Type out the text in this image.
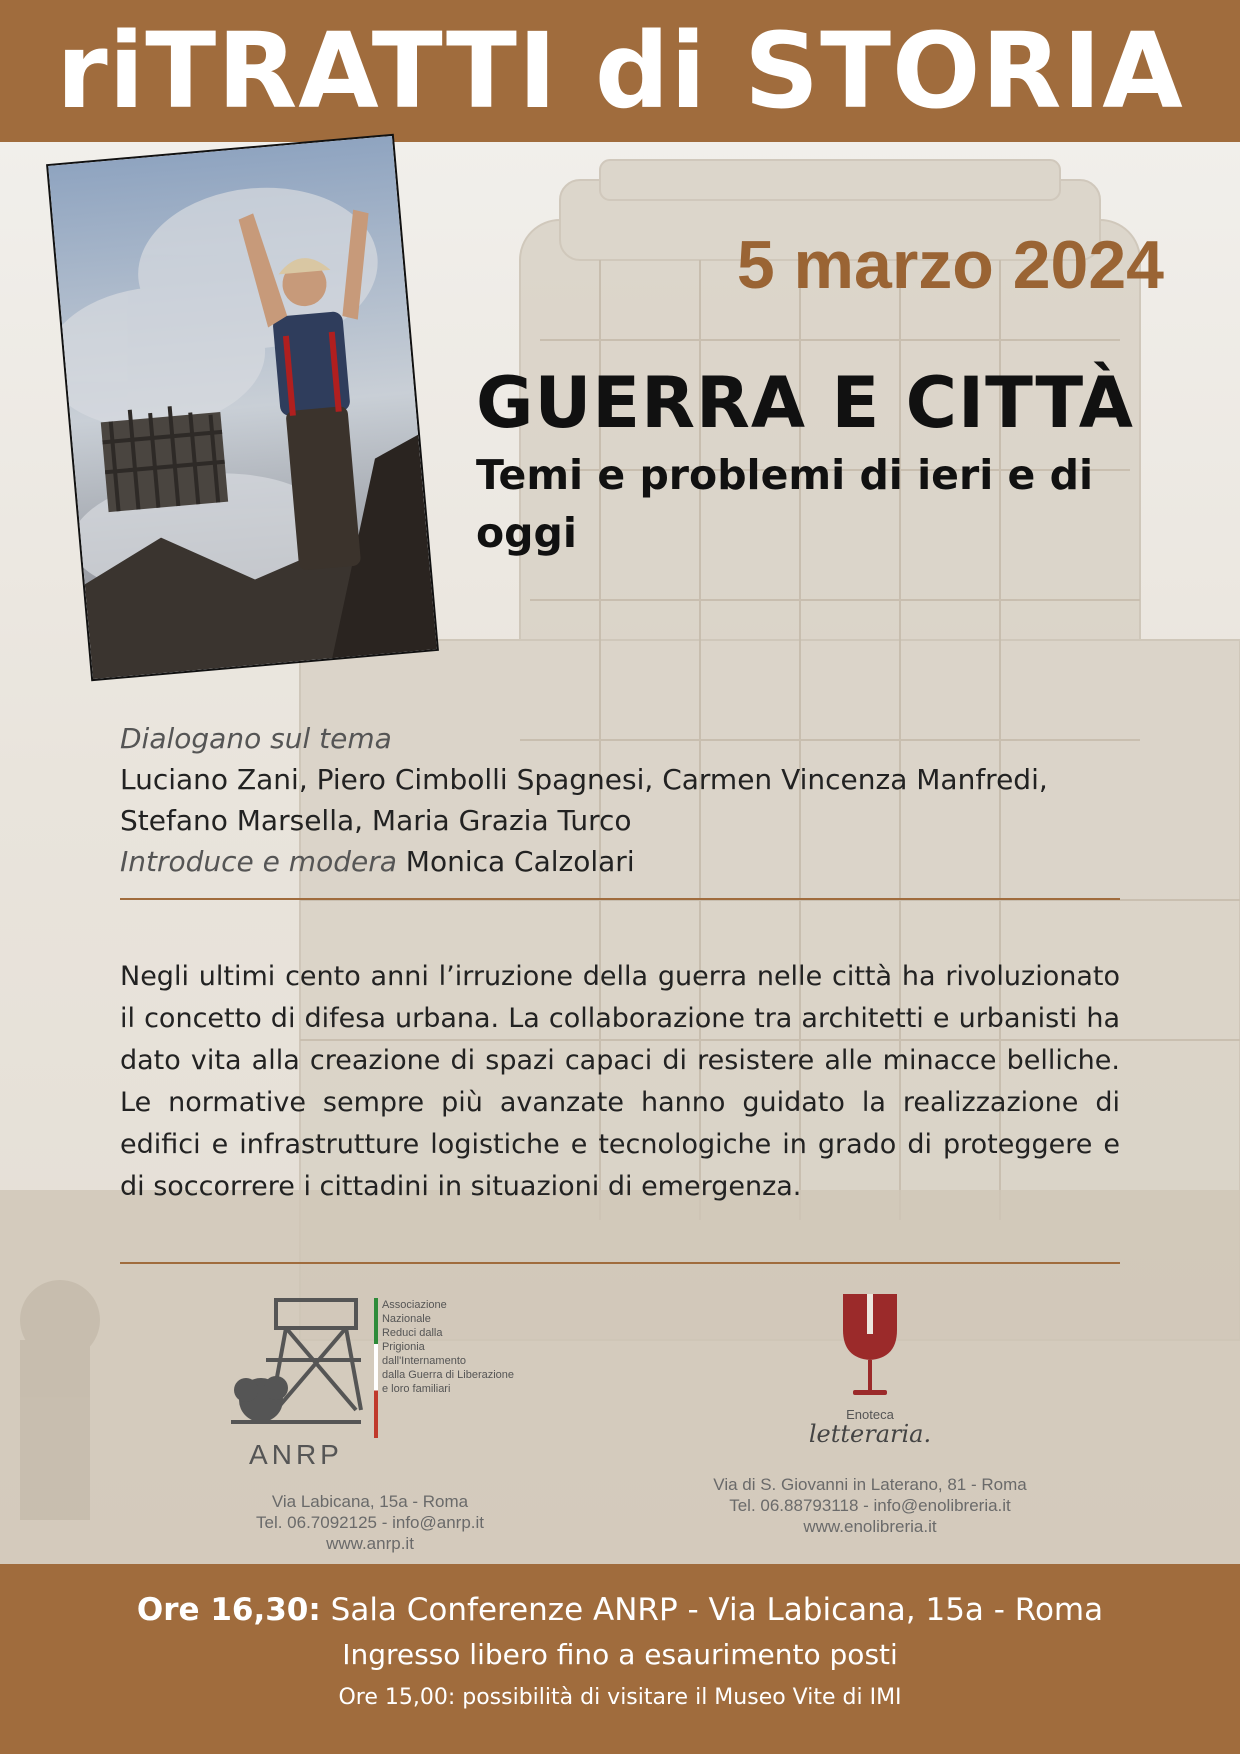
riTRATTI di STORIA
5 marzo 2024
GUERRA E CITTÀ
Temi e problemi di ieri e di oggi
Dialogano sul tema
Luciano Zani, Piero Cimbolli Spagnesi, Carmen Vincenza Manfredi,
Stefano Marsella, Maria Grazia Turco
Introduce e modera Monica Calzolari
Negli ultimi cento anni l’irruzione della guerra nelle città ha rivoluzionato il concetto di difesa urbana. La collaborazione tra architetti e urbanisti ha dato vita alla creazione di spazi capaci di resistere alle minacce belliche. Le normative sempre più avanzate hanno guidato la realizzazione di edifici e infrastrutture logistiche e tecnologiche in grado di proteggere e di soccorrere i cittadini in situazioni di emergenza.
ANRP
Associazione
Nazionale
Reduci dalla
Prigionia
dall'Internamento
dalla Guerra di Liberazione
e loro familiari
Via Labicana, 15a - Roma
Tel. 06.7092125 - info@anrp.it
www.anrp.it
Enoteca
letteraria.
Via di S. Giovanni in Laterano, 81 - Roma
Tel. 06.88793118 - info@enolibreria.it
www.enolibreria.it
Ore 16,30: Sala Conferenze ANRP - Via Labicana, 15a - Roma
Ingresso libero fino a esaurimento posti
Ore 15,00: possibilità di visitare il Museo Vite di IMI
